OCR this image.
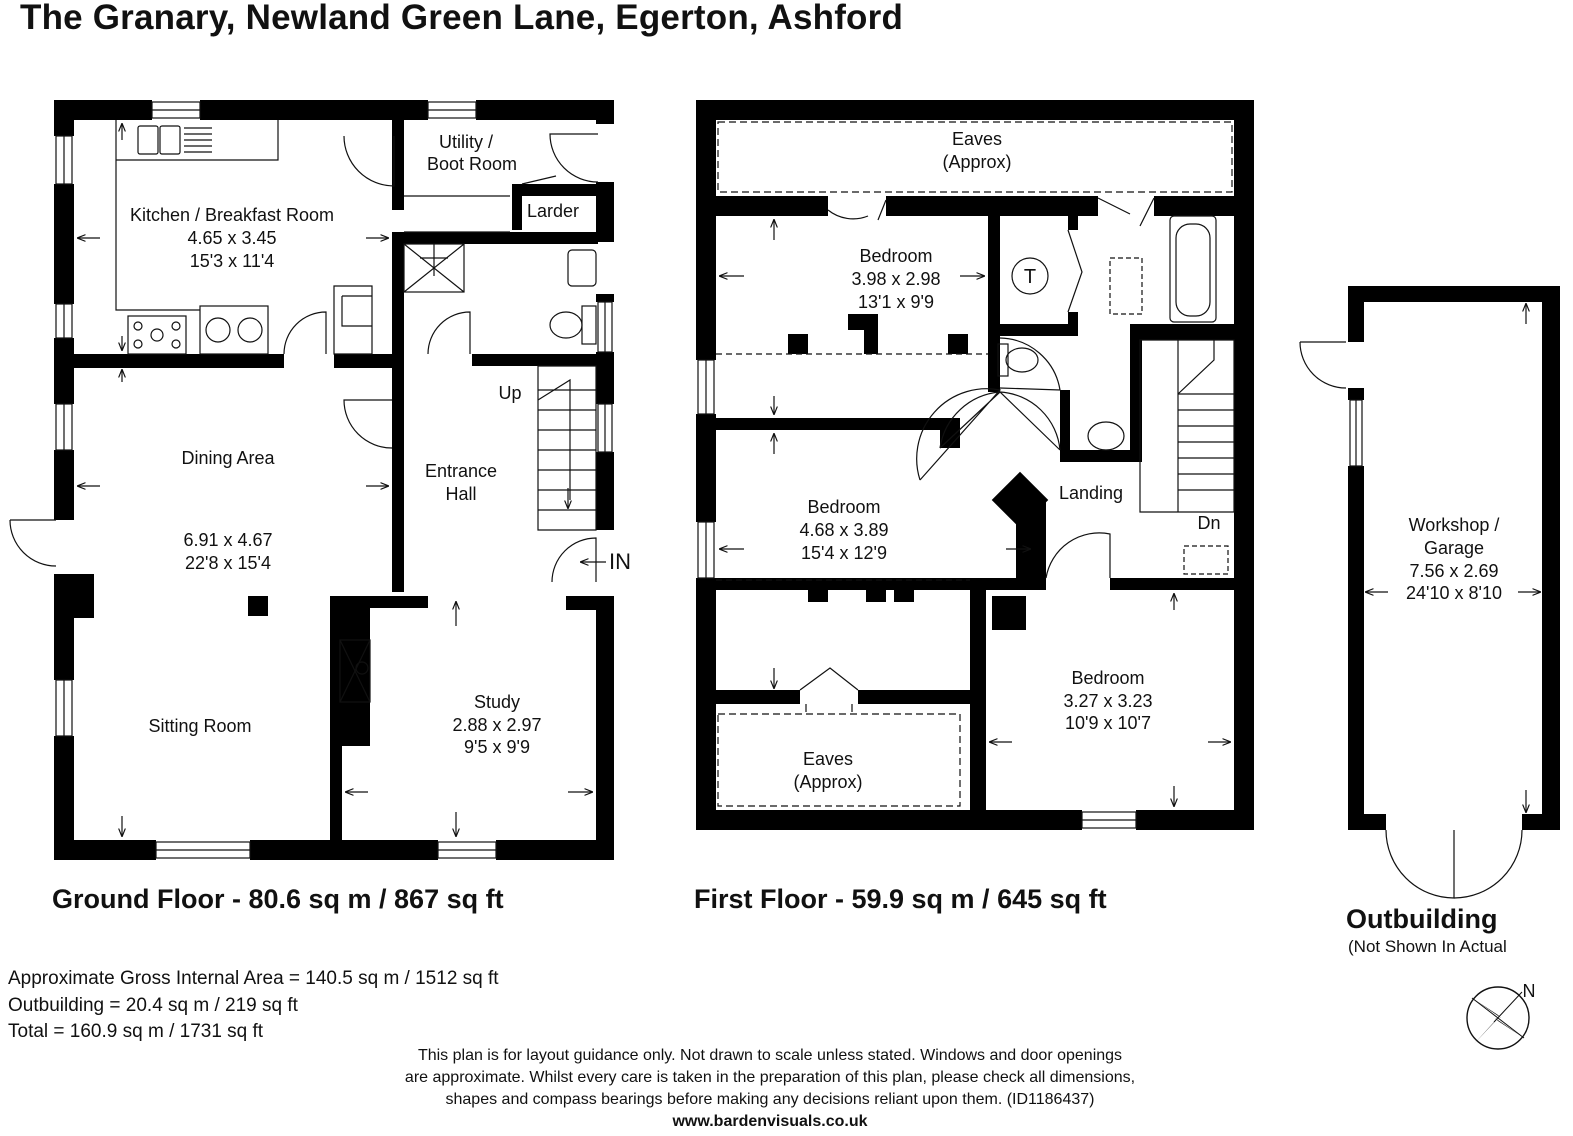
The Granary, Newland Green Lane, Egerton, Ashford
Kitchen / Breakfast Room
4.65 x 3.45
15'3 x 11'4
Utility /
Boot Room
Larder
Dining Area
6.91 x 4.67
22'8 x 15'4
Up
Entrance
Hall
IN
Sitting Room
Study
2.88 x 2.97
9'5 x 9'9
Eaves
(Approx)
Bedroom
3.98 x 2.98
13'1 x 9'9
T
Bedroom
4.68 x 3.89
15'4 x 12'9
Landing
Dn
Bedroom
3.27 x 3.23
10'9 x 10'7
Eaves
(Approx)
Workshop /
Garage
7.56 x 2.69
24'10 x 8'10
N
Ground Floor - 80.6 sq m / 867 sq ft	First Floor - 59.9 sq m / 645 sq ft
Outbuilding
(Not Shown In Actual
Approximate Gross Internal Area = 140.5 sq m / 1512 sq ft
Outbuilding = 20.4 sq m / 219 sq ft
Total = 160.9 sq m / 1731 sq ft
This plan is for layout guidance only. Not drawn to scale unless stated. Windows and door openings
are approximate. Whilst every care is taken in the preparation of this plan, please check all dimensions,
shapes and compass bearings before making any decisions reliant upon them. (ID1186437)
www.bardenvisuals.co.uk
